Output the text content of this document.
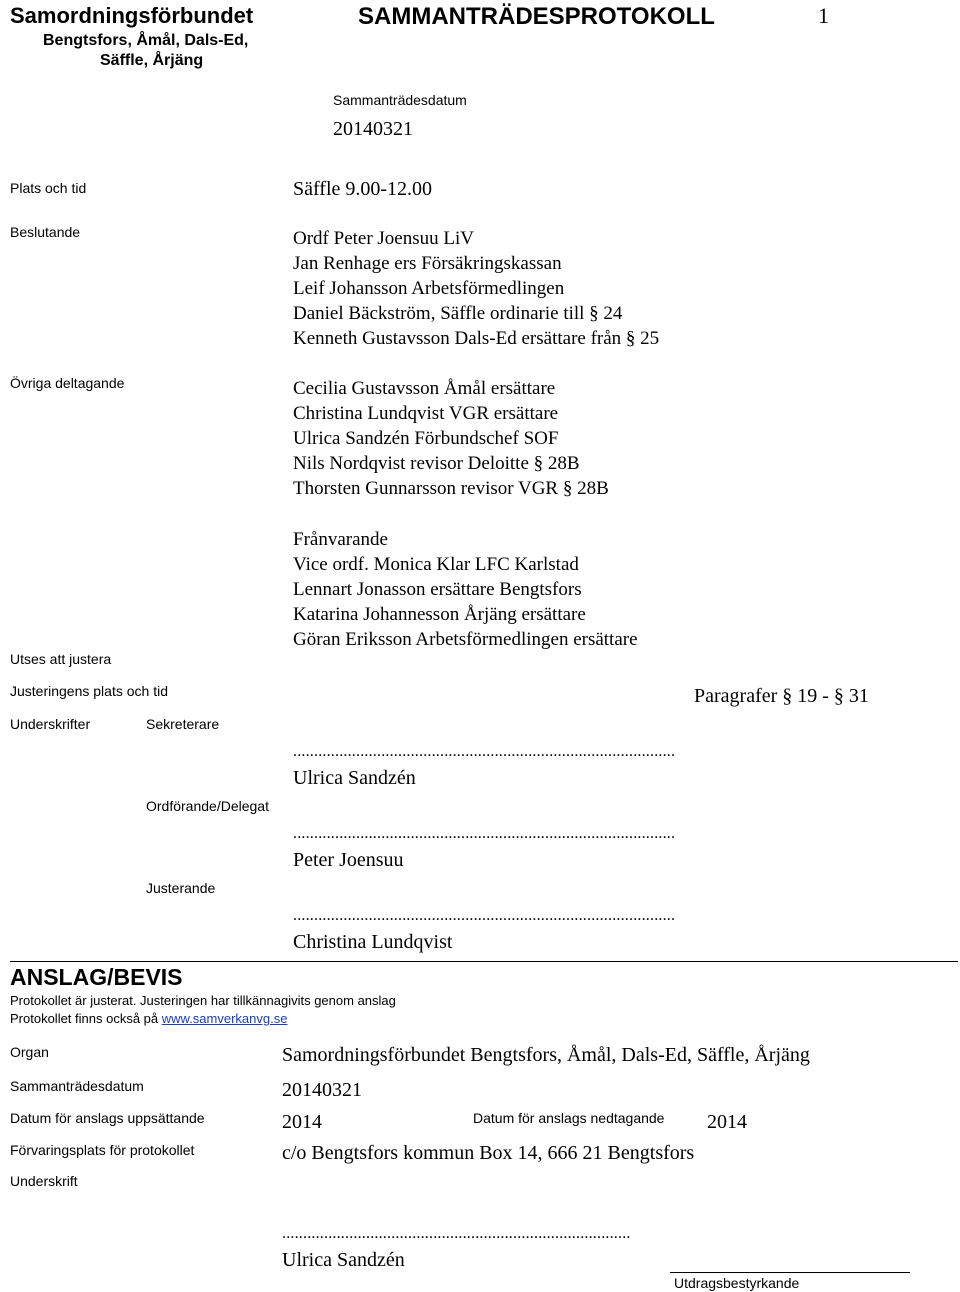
Samordningsförbundet
Bengtsfors, Åmål, Dals-Ed,
Säffle, Årjäng
SAMMANTRÄDESPROTOKOLL	1
Sammanträdesdatum
20140321
Plats och tid	Säffle 9.00-12.00
Beslutande	Ordf Peter Joensuu LiV
Jan Renhage ers Försäkringskassan
Leif Johansson Arbetsförmedlingen
Daniel Bäckström, Säffle ordinarie till § 24
Kenneth Gustavsson Dals-Ed ersättare från § 25
Övriga deltagande	Cecilia Gustavsson Åmål ersättare
Christina Lundqvist VGR ersättare
Ulrica Sandzén Förbundschef SOF
Nils Nordqvist revisor Deloitte § 28B
Thorsten Gunnarsson revisor VGR § 28B
Frånvarande
Vice ordf. Monica Klar LFC Karlstad
Lennart Jonasson ersättare Bengtsfors
Katarina Johannesson Årjäng ersättare
Göran Eriksson Arbetsförmedlingen ersättare
Utses att justera
Justeringens plats och tid	Paragrafer § 19 - § 31
Underskrifter	Sekreterare
...........................................................................................
Ulrica Sandzén
Ordförande/Delegat
...........................................................................................
Peter Joensuu
Justerande
...........................................................................................
Christina Lundqvist
ANSLAG/BEVIS
Protokollet är justerat. Justeringen har tillkännagivits genom anslag
Protokollet finns också på www.samverkanvg.se
Organ	Samordningsförbundet Bengtsfors, Åmål, Dals-Ed, Säffle, Årjäng
Sammanträdesdatum	20140321
Datum för anslags uppsättande	2014	Datum för anslags nedtagande 2014
Förvaringsplats för protokollet	c/o Bengtsfors kommun Box 14, 666 21 Bengtsfors
Underskrift
...................................................................................
Ulrica Sandzén
Utdragsbestyrkande
